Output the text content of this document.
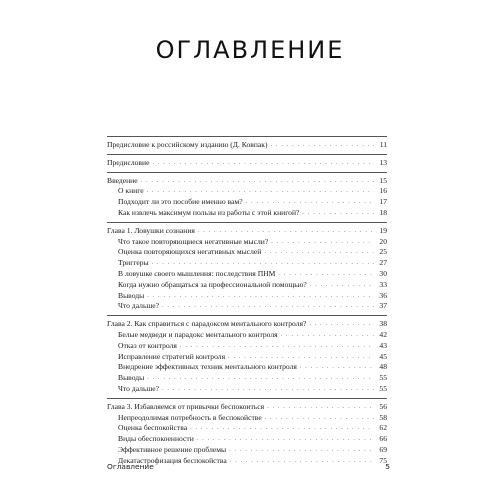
ОГЛАВЛЕНИЕ
Предисловие к российскому изданию (Д. Ковпак) . . .	11
Предисловие . . .	13
Введение . . .	15
О книге . . .	16
Подходит ли это пособие именно вам? . . .	17
Как извлечь максимум пользы из работы с этой книгой? . . .	18
Глава 1. Ловушки сознания . . .	19
Что такое повторяющиеся негативные мысли? . . .	20
Оценка повторяющихся негативных мыслей . . .	25
Триггеры . . .	27
В ловушке своего мышления: последствия ПНМ . . .	30
Когда нужно обращаться за профессиональной помощью? . . .	33
Выводы . . .	36
Что дальше? . . .	37
Глава 2. Как справиться с парадоксом ментального контроля? . . .	38
Белые медведи и парадокс ментального контроля . . .	42
Отказ от контроля . . .	43
Исправление стратегий контроля . . .	45
Внедрение эффективных техник ментального контроля . . .	48
Выводы . . .	55
Что дальше? . . .	55
Глава 3. Избавляемся от привычки беспокоиться . . .	56
Непреодолимая потребность в беспокойстве . . .	58
Оценка беспокойства . . .	62
Виды обеспокоенности . . .	66
Эффективное решение проблемы . . .	69
Декатастрофизация беспокойства . . .	75
Оглавление	5
